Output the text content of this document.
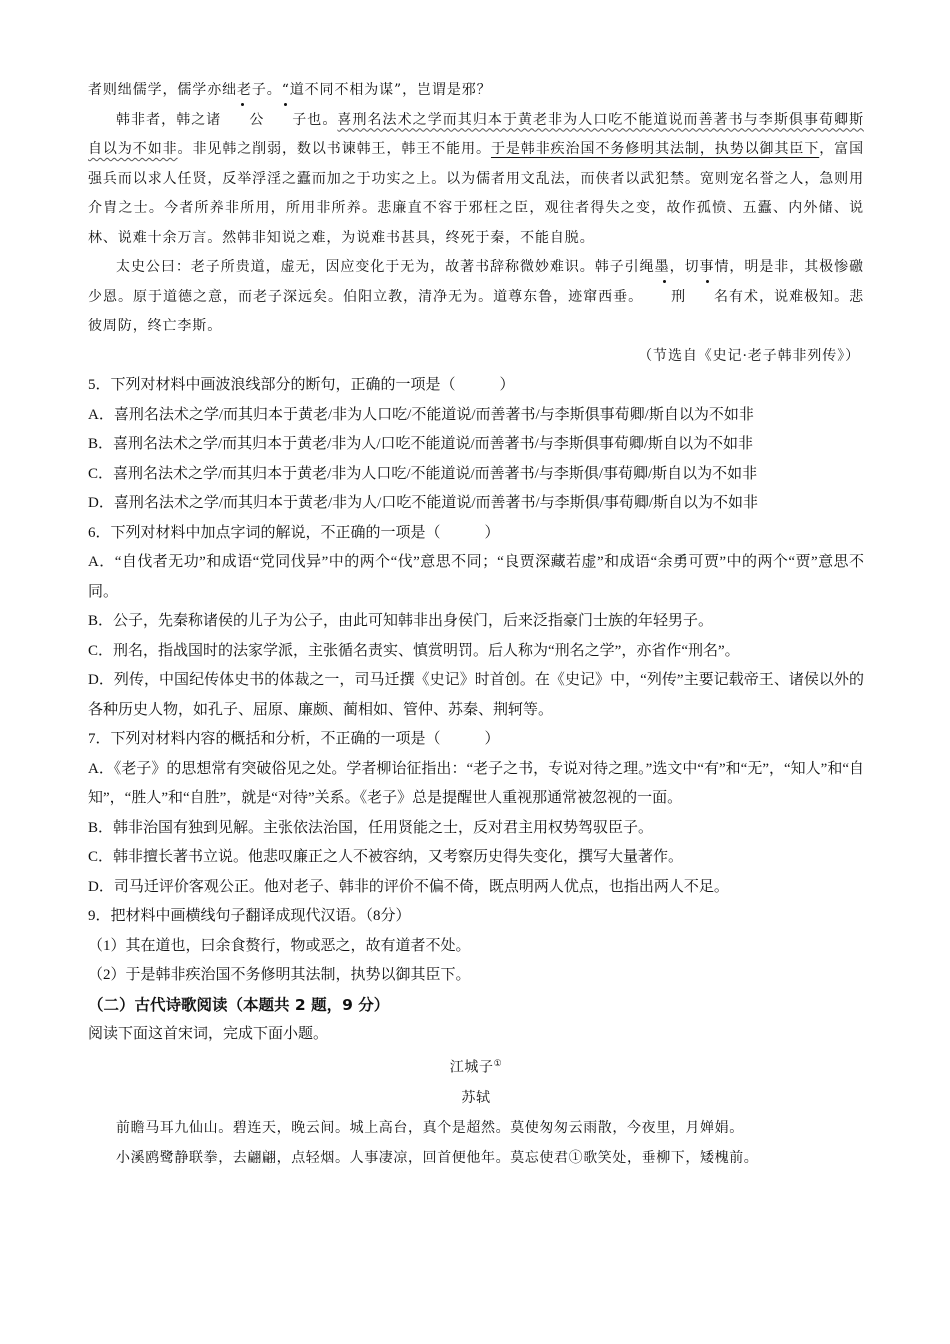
者则绌儒学，儒学亦绌老子。“道不同不相为谋”，岂谓是邪？

韩非者，韩之诸 公 子也。喜刑名法术之学而其归本于黄老非为人口吃不能道说而善著书与李斯俱事荀卿斯自以为不如非。非见韩之削弱，数以书谏韩王，韩王不能用。于是韩非疾治国不务修明其法制，执势以御其臣下，富国强兵而以求人任贤，反举浮淫之蠹而加之于功实之上。以为儒者用文乱法，而侠者以武犯禁。宽则宠名誉之人，急则用介胄之士。今者所养非所用，所用非所养。悲廉直不容于邪枉之臣，观往者得失之变，故作孤愤、五蠹、内外储、说林、说难十余万言。然韩非知说之难，为说难书甚具，终死于秦，不能自脱。

太史公曰：老子所贵道，虚无，因应变化于无为，故著书辞称微妙难识。韩子引绳墨，切事情，明是非，其极惨礉少恩。原于道德之意，而老子深远矣。伯阳立教，清净无为。道尊东鲁，迹窜西垂。 刑 名有术，说难极知。悲彼周防，终亡李斯。

（节选自《史记·老子韩非列传》）

5．下列对材料中画波浪线部分的断句，正确的一项是（	）

A．喜刑名法术之学/而其归本于黄老/非为人口吃/不能道说/而善著书/与李斯俱事荀卿/斯自以为不如非

B．喜刑名法术之学/而其归本于黄老/非为人/口吃不能道说/而善著书/与李斯俱事荀卿/斯自以为不如非

C．喜刑名法术之学/而其归本于黄老/非为人口吃/不能道说/而善著书/与李斯俱/事荀卿/斯自以为不如非

D．喜刑名法术之学/而其归本于黄老/非为人/口吃不能道说/而善著书/与李斯俱/事荀卿/斯自以为不如非

6．下列对材料中加点字词的解说，不正确的一项是（	）

A．“自伐者无功”和成语“党同伐异”中的两个“伐”意思不同；“良贾深藏若虚”和成语“余勇可贾”中的两个“贾”意思不同。

B．公子，先秦称诸侯的儿子为公子，由此可知韩非出身侯门，后来泛指豪门士族的年轻男子。

C．刑名，指战国时的法家学派，主张循名责实、慎赏明罚。后人称为“刑名之学”，亦省作“刑名”。

D．列传，中国纪传体史书的体裁之一，司马迁撰《史记》时首创。在《史记》中，“列传”主要记载帝王、诸侯以外的各种历史人物，如孔子、屈原、廉颇、蔺相如、管仲、苏秦、荆轲等。

7．下列对材料内容的概括和分析，不正确的一项是（	）

A．《老子》的思想常有突破俗见之处。学者柳诒征指出：“老子之书，专说对待之理。”选文中“有”和“无”，“知人”和“自知”，“胜人”和“自胜”，就是“对待”关系。《老子》总是提醒世人重视那通常被忽视的一面。

B．韩非治国有独到见解。主张依法治国，任用贤能之士，反对君主用权势驾驭臣子。

C．韩非擅长著书立说。他悲叹廉正之人不被容纳，又考察历史得失变化，撰写大量著作。

D．司马迁评价客观公正。他对老子、韩非的评价不偏不倚，既点明两人优点，也指出两人不足。

9．把材料中画横线句子翻译成现代汉语。（8分）

（1）其在道也，曰余食赘行，物或恶之，故有道者不处。

（2）于是韩非疾治国不务修明其法制，执势以御其臣下。

（二）古代诗歌阅读（本题共 2 题，9 分）

阅读下面这首宋词，完成下面小题。

江城子①

苏轼

前瞻马耳九仙山。碧连天，晚云间。城上高台，真个是超然。莫使匆匆云雨散，今夜里，月婵娟。

小溪鸥鹭静联拳，去翩翩，点轻烟。人事凄凉，回首便他年。莫忘使君①歌笑处，垂柳下，矮槐前。
